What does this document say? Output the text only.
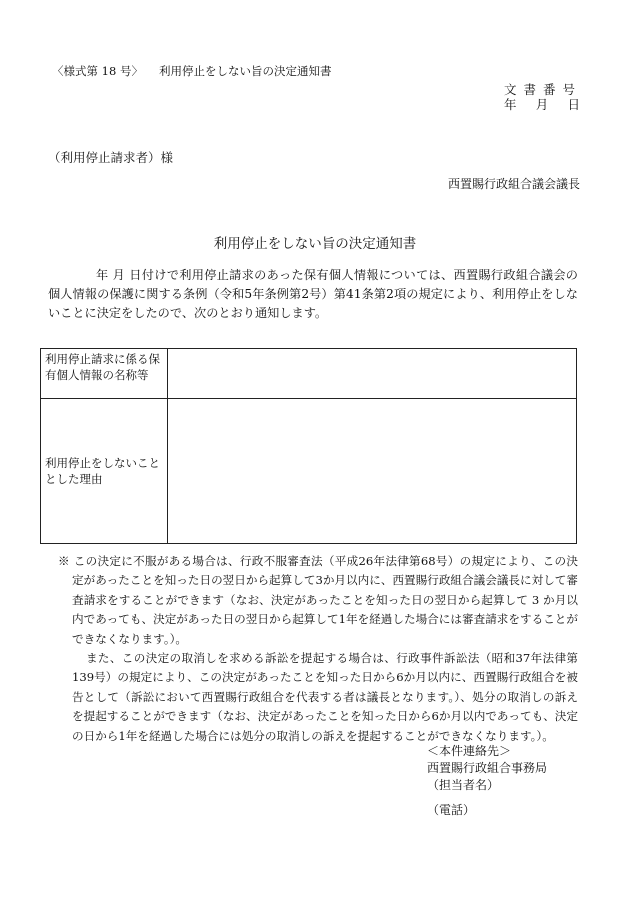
〈様式第 18 号〉 利用停止をしない旨の決定通知書
文書番号
年 月 日
（利用停止請求者）様
西置賜行政組合議会議長
利用停止をしない旨の決定通知書
年 月 日付けで利用停止請求のあった保有個人情報については、西置賜行政組合議会の個人情報の保護に関する条例（令和5年条例第2号）第41条第2項の規定により、利用停止をしないことに決定をしたので、次のとおり通知します。
利用停止請求に係る保有個人情報の名称等	
利用停止をしないこととした理由	

※ この決定に不服がある場合は、行政不服審査法（平成26年法律第68号）の規定により、この決定があったことを知った日の翌日から起算して3か月以内に、西置賜行政組合議会議長に対して審査請求をすることができます（なお、決定があったことを知った日の翌日から起算して 3 か月以内であっても、決定があった日の翌日から起算して1年を経過した場合には審査請求をすることができなくなります。）。

また、この決定の取消しを求める訴訟を提起する場合は、行政事件訴訟法（昭和37年法律第139号）の規定により、この決定があったことを知った日から6か月以内に、西置賜行政組合を被告として（訴訟において西置賜行政組合を代表する者は議長となります。）、処分の取消しの訴えを提起することができます（なお、決定があったことを知った日から6か月以内であっても、決定の日から1年を経過した場合には処分の取消しの訴えを提起することができなくなります。）。

＜本件連絡先＞
西置賜行政組合事務局
（担当者名）
（電話）
